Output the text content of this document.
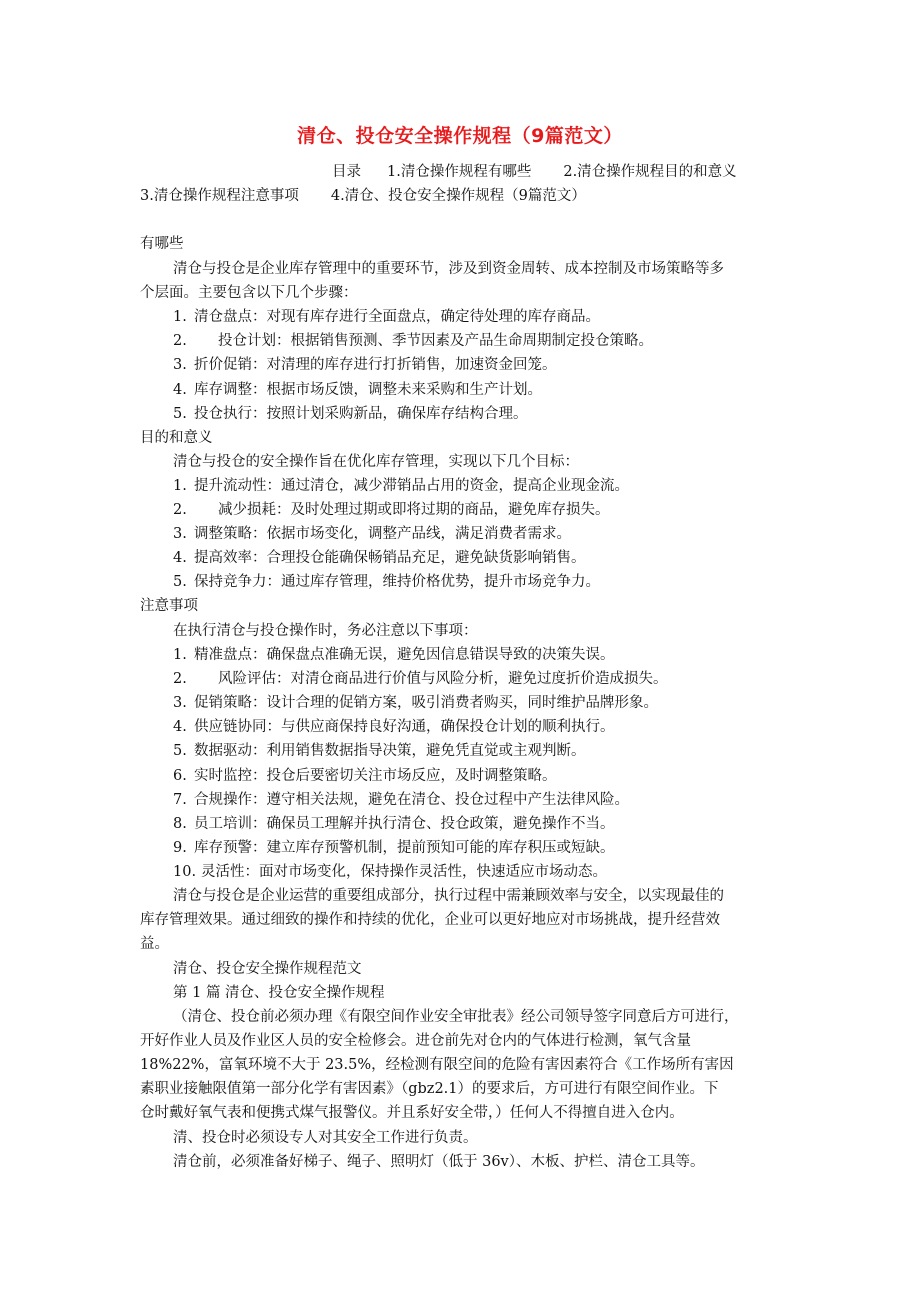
清仓、投仓安全操作规程（9篇范文）
目录 1.清仓操作规程有哪些 2.清仓操作规程目的和意义
3.清仓操作规程注意事项 4.清仓、投仓安全操作规程（9篇范文）
有哪些
清仓与投仓是企业库存管理中的重要环节，涉及到资金周转、成本控制及市场策略等多
个层面。主要包含以下几个步骤：
1. 清仓盘点：对现有库存进行全面盘点，确定待处理的库存商品。
2. 投仓计划：根据销售预测、季节因素及产品生命周期制定投仓策略。
3. 折价促销：对清理的库存进行打折销售，加速资金回笼。
4. 库存调整：根据市场反馈，调整未来采购和生产计划。
5. 投仓执行：按照计划采购新品，确保库存结构合理。
目的和意义
清仓与投仓的安全操作旨在优化库存管理，实现以下几个目标：
1. 提升流动性：通过清仓，减少滞销品占用的资金，提高企业现金流。
2. 减少损耗：及时处理过期或即将过期的商品，避免库存损失。
3. 调整策略：依据市场变化，调整产品线，满足消费者需求。
4. 提高效率：合理投仓能确保畅销品充足，避免缺货影响销售。
5. 保持竞争力：通过库存管理，维持价格优势，提升市场竞争力。
注意事项
在执行清仓与投仓操作时，务必注意以下事项：
1. 精准盘点：确保盘点准确无误，避免因信息错误导致的决策失误。
2. 风险评估：对清仓商品进行价值与风险分析，避免过度折价造成损失。
3. 促销策略：设计合理的促销方案，吸引消费者购买，同时维护品牌形象。
4. 供应链协同：与供应商保持良好沟通，确保投仓计划的顺利执行。
5. 数据驱动：利用销售数据指导决策，避免凭直觉或主观判断。
6. 实时监控：投仓后要密切关注市场反应，及时调整策略。
7. 合规操作：遵守相关法规，避免在清仓、投仓过程中产生法律风险。
8. 员工培训：确保员工理解并执行清仓、投仓政策，避免操作不当。
9. 库存预警：建立库存预警机制，提前预知可能的库存积压或短缺。
10. 灵活性：面对市场变化，保持操作灵活性，快速适应市场动态。
清仓与投仓是企业运营的重要组成部分，执行过程中需兼顾效率与安全，以实现最佳的
库存管理效果。通过细致的操作和持续的优化，企业可以更好地应对市场挑战，提升经营效
益。
清仓、投仓安全操作规程范文
第 1 篇 清仓、投仓安全操作规程
（清仓、投仓前必须办理《有限空间作业安全审批表》经公司领导签字同意后方可进行，
开好作业人员及作业区人员的安全检修会。进仓前先对仓内的气体进行检测，氧气含量
18%22%，富氧环境不大于 23.5%，经检测有限空间的危险有害因素符合《工作场所有害因
素职业接触限值第一部分化学有害因素》（gbz2.1）的要求后，方可进行有限空间作业。下
仓时戴好氧气表和便携式煤气报警仪。并且系好安全带，）任何人不得擅自进入仓内。
清、投仓时必须设专人对其安全工作进行负责。
清仓前，必须准备好梯子、绳子、照明灯（低于 36v）、木板、护栏、清仓工具等。
